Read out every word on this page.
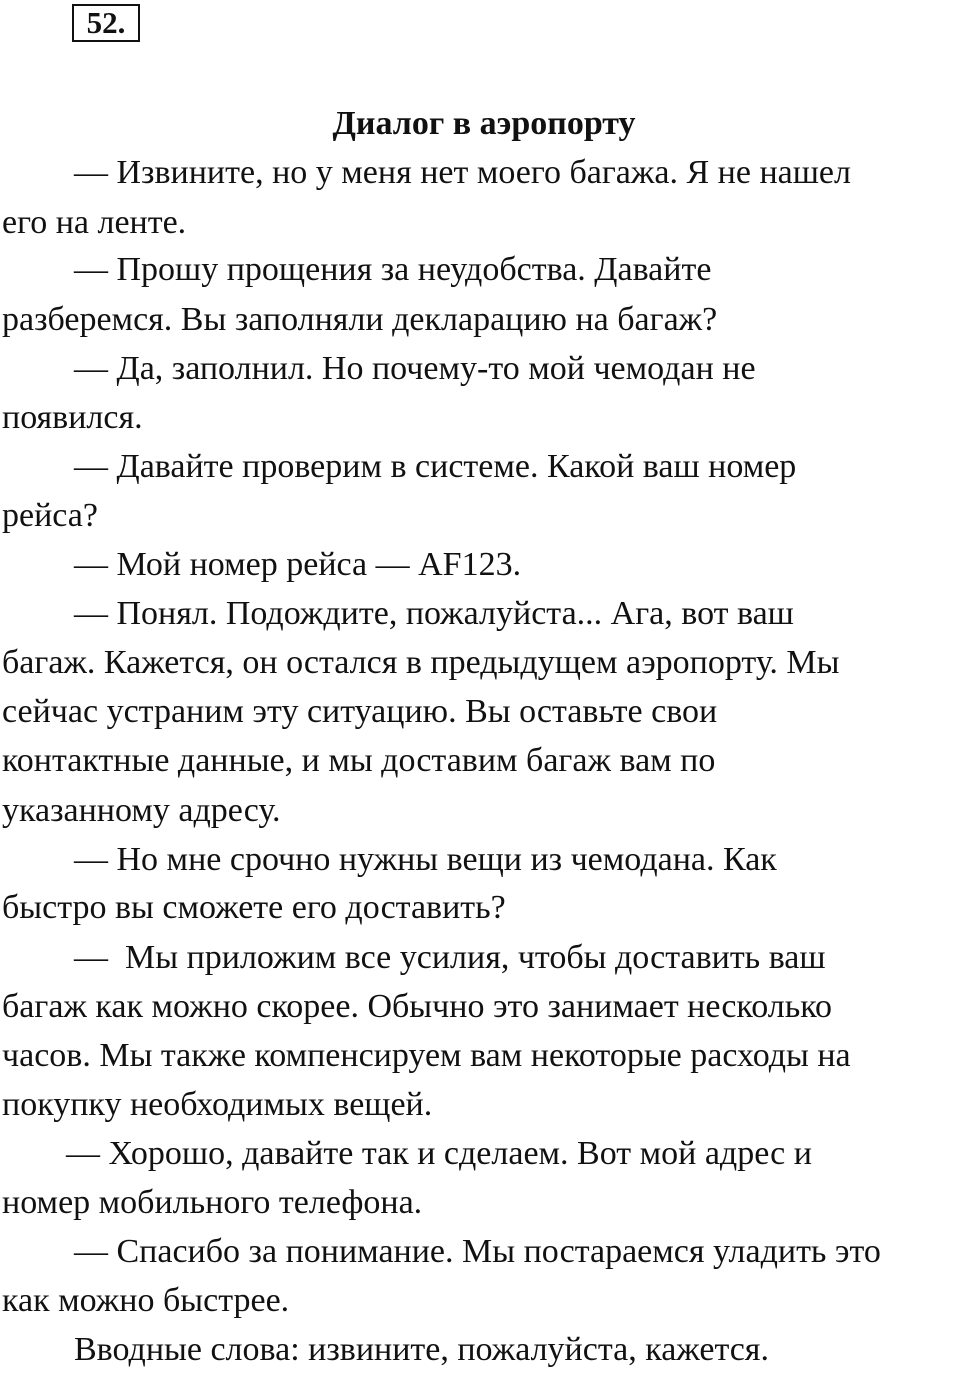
52.
Диалог в аэропорту
— Извините, но у меня нет моего багажа. Я не нашел
его на ленте.
— Прошу прощения за неудобства. Давайте
разберемся. Вы заполняли декларацию на багаж?
— Да, заполнил. Но почему-то мой чемодан не
появился.
— Давайте проверим в системе. Какой ваш номер
рейса?
— Мой номер рейса — AF123.
— Понял. Подождите, пожалуйста... Ага, вот ваш
багаж. Кажется, он остался в предыдущем аэропорту. Мы
сейчас устраним эту ситуацию. Вы оставьте свои
контактные данные, и мы доставим багаж вам по
указанному адресу.
— Но мне срочно нужны вещи из чемодана. Как
быстро вы сможете его доставить?
—  Мы приложим все усилия, чтобы доставить ваш
багаж как можно скорее. Обычно это занимает несколько
часов. Мы также компенсируем вам некоторые расходы на
покупку необходимых вещей.
— Хорошо, давайте так и сделаем. Вот мой адрес и
номер мобильного телефона.
— Спасибо за понимание. Мы постараемся уладить это
как можно быстрее.
Вводные слова: извините, пожалуйста, кажется.
